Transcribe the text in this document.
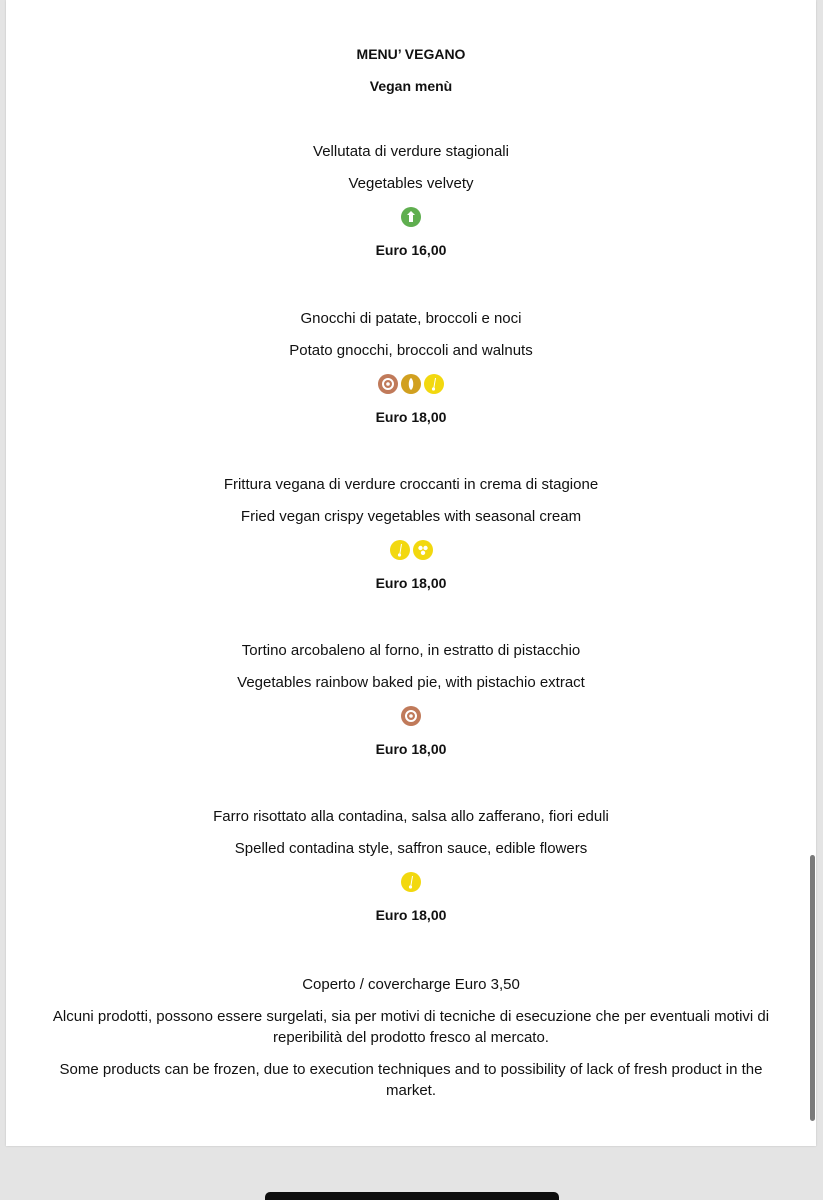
MENU’ VEGANO
Vegan menù
Vellutata di verdure stagionali
Vegetables velvety
Euro 16,00
Gnocchi di patate, broccoli e noci
Potato gnocchi, broccoli and walnuts
Euro 18,00
Frittura vegana di verdure croccanti in crema di stagione
Fried vegan crispy vegetables with seasonal cream
Euro 18,00
Tortino arcobaleno al forno, in estratto di pistacchio
Vegetables rainbow baked pie, with pistachio extract
Euro 18,00
Farro risottato alla contadina, salsa allo zafferano, fiori eduli
Spelled contadina style, saffron sauce, edible flowers
Euro 18,00
Coperto / covercharge Euro 3,50
Alcuni prodotti, possono essere surgelati, sia per motivi di tecniche di esecuzione che per eventuali motivi di reperibilità del prodotto fresco al mercato.
Some products can be frozen, due to execution techniques and to possibility of lack of fresh product in the market.
